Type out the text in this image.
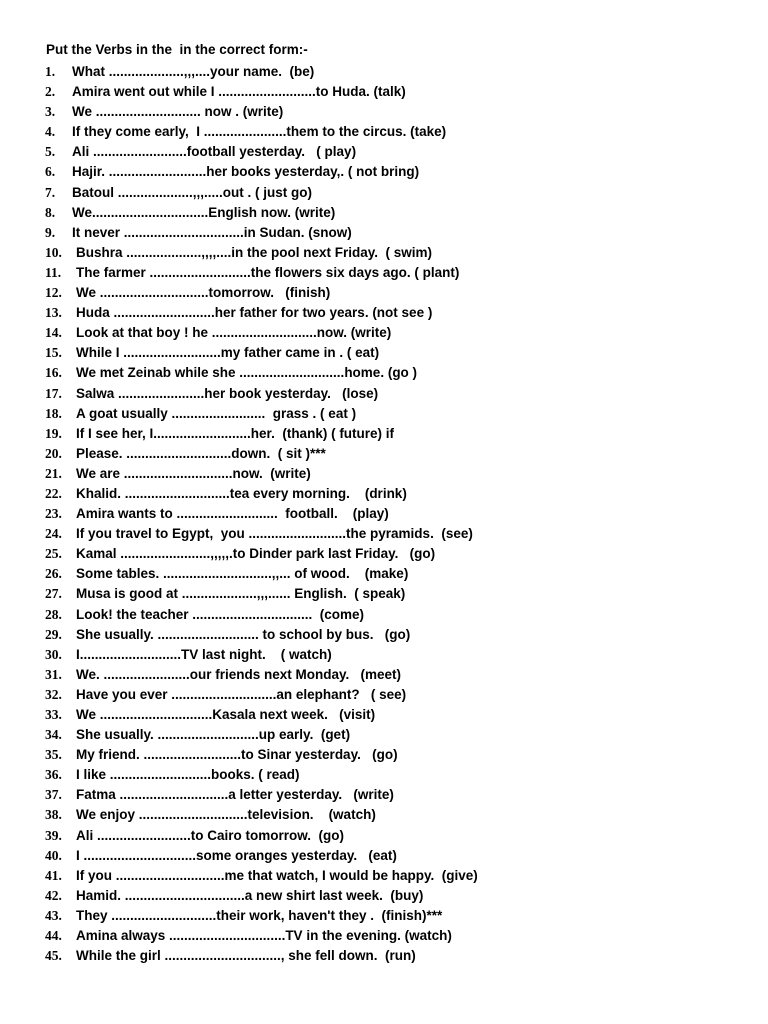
Put the Verbs in the  in the correct form:-
1.	What ....................,,,....your name.  (be)
2.	Amira went out while I ..........................to Huda. (talk)
3.	We ............................ now . (write)
4.	If they come early,  I ......................them to the circus. (take)
5.	Ali .........................football yesterday.   ( play)
6.	Hajir. ..........................her books yesterday,. ( not bring)
7.	Batoul ....................,,,.....out . ( just go)
8.	We...............................English now. (write)
9.	It never ................................in Sudan. (snow)
10.	Bushra ....................,,,,....in the pool next Friday.  ( swim)
11.	The farmer ...........................the flowers six days ago. ( plant)
12.	We .............................tomorrow.   (finish)
13.	Huda ...........................her father for two years. (not see )
14.	Look at that boy ! he ............................now. (write)
15.	While I ..........................my father came in . ( eat)
16.	We met Zeinab while she ............................home. (go )
17.	Salwa .......................her book yesterday.   (lose)
18.	A goat usually .........................  grass . ( eat )
19.	If I see her, I..........................her.  (thank) ( future) if
20.	Please. ............................down.  ( sit )***
21.	We are .............................now.  (write)
22.	Khalid. ............................tea every morning.    (drink)
23.	Amira wants to ...........................  football.    (play)
24.	If you travel to Egypt,  you ..........................the pyramids.  (see)
25.	Kamal ........................,,,,,.to Dinder park last Friday.   (go)
26.	Some tables. .............................,,... of wood.    (make)
27.	Musa is good at ....................,,,...... English.  ( speak)
28.	Look! the teacher ................................  (come)
29.	She usually. ........................... to school by bus.   (go)
30.	I...........................TV last night.    ( watch)
31.	We. .......................our friends next Monday.   (meet)
32.	Have you ever ............................an elephant?   ( see)
33.	We ..............................Kasala next week.   (visit)
34.	She usually. ...........................up early.  (get)
35.	My friend. ..........................to Sinar yesterday.   (go)
36.	I like ...........................books. ( read)
37.	Fatma .............................a letter yesterday.   (write)
38.	We enjoy .............................television.    (watch)
39.	Ali .........................to Cairo tomorrow.  (go)
40.	I ..............................some oranges yesterday.   (eat)
41.	If you .............................me that watch, I would be happy.  (give)
42.	Hamid. ................................a new shirt last week.  (buy)
43.	They ............................their work, haven't they .  (finish)***
44.	Amina always ...............................TV in the evening. (watch)
45.	While the girl ..............................., she fell down.  (run)
